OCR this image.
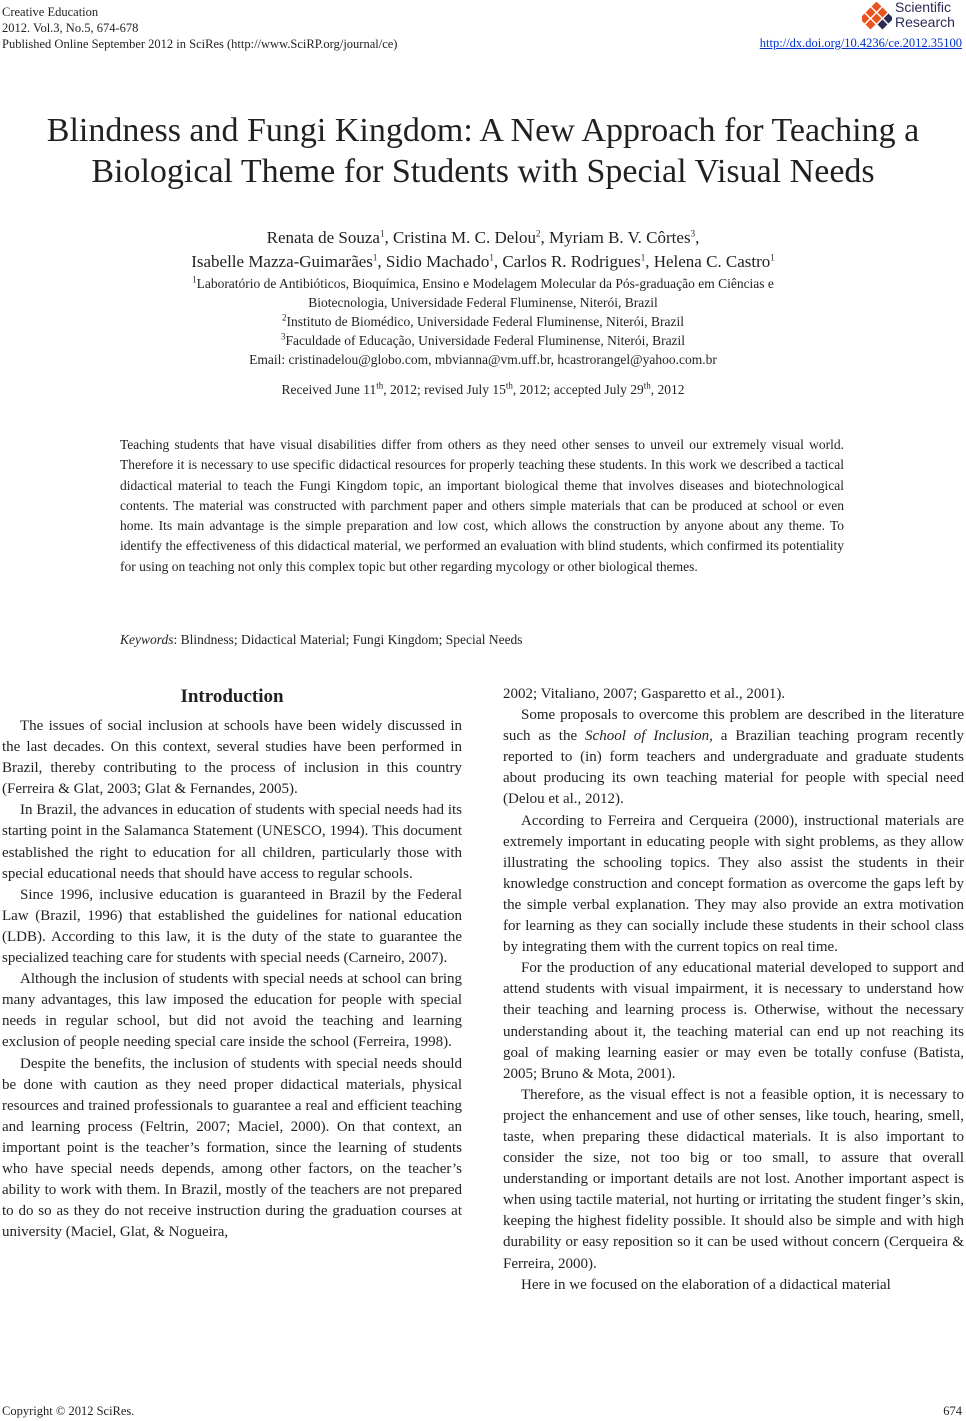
Creative Education
2012. Vol.3, No.5, 674-678
Published Online September 2012 in SciRes (http://www.SciRP.org/journal/ce)
Scientific
Research
http://dx.doi.org/10.4236/ce.2012.35100
Blindness and Fungi Kingdom: A New Approach for Teaching a
Biological Theme for Students with Special Visual Needs
Renata de Souza$^1$, Cristina M. C. Delou$^2$, Myriam B. V. Côrtes$^3$,
Isabelle Mazza-Guimarães$^1$, Sidio Machado$^1$, Carlos R. Rodrigues$^1$, Helena C. Castro$^1$
$^1$Laboratório de Antibióticos, Bioquímica, Ensino e Modelagem Molecular da Pós-graduação em Ciências e
Biotecnologia, Universidade Federal Fluminense, Niterói, Brazil
$^2$Instituto de Biomédico, Universidade Federal Fluminense, Niterói, Brazil
$^3$Faculdade of Educação, Universidade Federal Fluminense, Niterói, Brazil
Email: cristinadelou@globo.com, mbvianna@vm.uff.br, hcastrorangel@yahoo.com.br
Received June 11th, 2012; revised July 15th, 2012; accepted July 29th, 2012
Teaching students that have visual disabilities differ from others as they need other senses to unveil our extremely visual world. Therefore it is necessary to use specific didactical resources for properly teaching these students. In this work we described a tactical didactical material to teach the Fungi Kingdom topic, an important biological theme that involves diseases and biotechnological contents. The material was constructed with parchment paper and others simple materials that can be produced at school or even home. Its main advantage is the simple preparation and low cost, which allows the construction by anyone about any theme. To identify the effectiveness of this didactical material, we performed an evaluation with blind students, which confirmed its potentiality for using on teaching not only this complex topic but other regarding mycology or other biological themes.
Keywords: Blindness; Didactical Material; Fungi Kingdom; Special Needs
Introduction

The issues of social inclusion at schools have been widely discussed in the last decades. On this context, several studies have been performed in Brazil, thereby contributing to the process of inclusion in this country (Ferreira & Glat, 2003; Glat & Fernandes, 2005).

In Brazil, the advances in education of students with special needs had its starting point in the Salamanca Statement (UNESCO, 1994). This document established the right to education for all children, particularly those with special educational needs that should have access to regular schools.

Since 1996, inclusive education is guaranteed in Brazil by the Federal Law (Brazil, 1996) that established the guidelines for national education (LDB). According to this law, it is the duty of the state to guarantee the specialized teaching care for students with special needs (Carneiro, 2007).

Although the inclusion of students with special needs at school can bring many advantages, this law imposed the education for people with special needs in regular school, but did not avoid the teaching and learning exclusion of people needing special care inside the school (Ferreira, 1998).

Despite the benefits, the inclusion of students with special needs should be done with caution as they need proper didactical materials, physical resources and trained professionals to guarantee a real and efficient teaching and learning process (Feltrin, 2007; Maciel, 2000). On that context, an important point is the teacher’s formation, since the learning of students who have special needs depends, among other factors, on the teacher’s ability to work with them. In Brazil, mostly of the teachers are not prepared to do so as they do not receive instruction during the graduation courses at university (Maciel, Glat, & Nogueira,

2002; Vitaliano, 2007; Gasparetto et al., 2001).

Some proposals to overcome this problem are described in the literature such as the School of Inclusion, a Brazilian teaching program recently reported to (in) form teachers and undergraduate and graduate students about producing its own teaching material for people with special need (Delou et al., 2012).

According to Ferreira and Cerqueira (2000), instructional materials are extremely important in educating people with sight problems, as they allow illustrating the schooling topics. They also assist the students in their knowledge construction and concept formation as overcome the gaps left by the simple verbal explanation. They may also provide an extra motivation for learning as they can socially include these students in their school class by integrating them with the current topics on real time.

For the production of any educational material developed to support and attend students with visual impairment, it is necessary to understand how their teaching and learning process is. Otherwise, without the necessary understanding about it, the teaching material can end up not reaching its goal of making learning easier or may even be totally confuse (Batista, 2005; Bruno & Mota, 2001).

Therefore, as the visual effect is not a feasible option, it is necessary to project the enhancement and use of other senses, like touch, hearing, smell, taste, when preparing these didactical materials. It is also important to consider the size, not too big or too small, to assure that overall understanding or important details are not lost. Another important aspect is when using tactile material, not hurting or irritating the student finger’s skin, keeping the highest fidelity possible. It should also be simple and with high durability or easy reposition so it can be used without concern (Cerqueira & Ferreira, 2000).

Here in we focused on the elaboration of a didactical material

Copyright © 2012 SciRes.	674
